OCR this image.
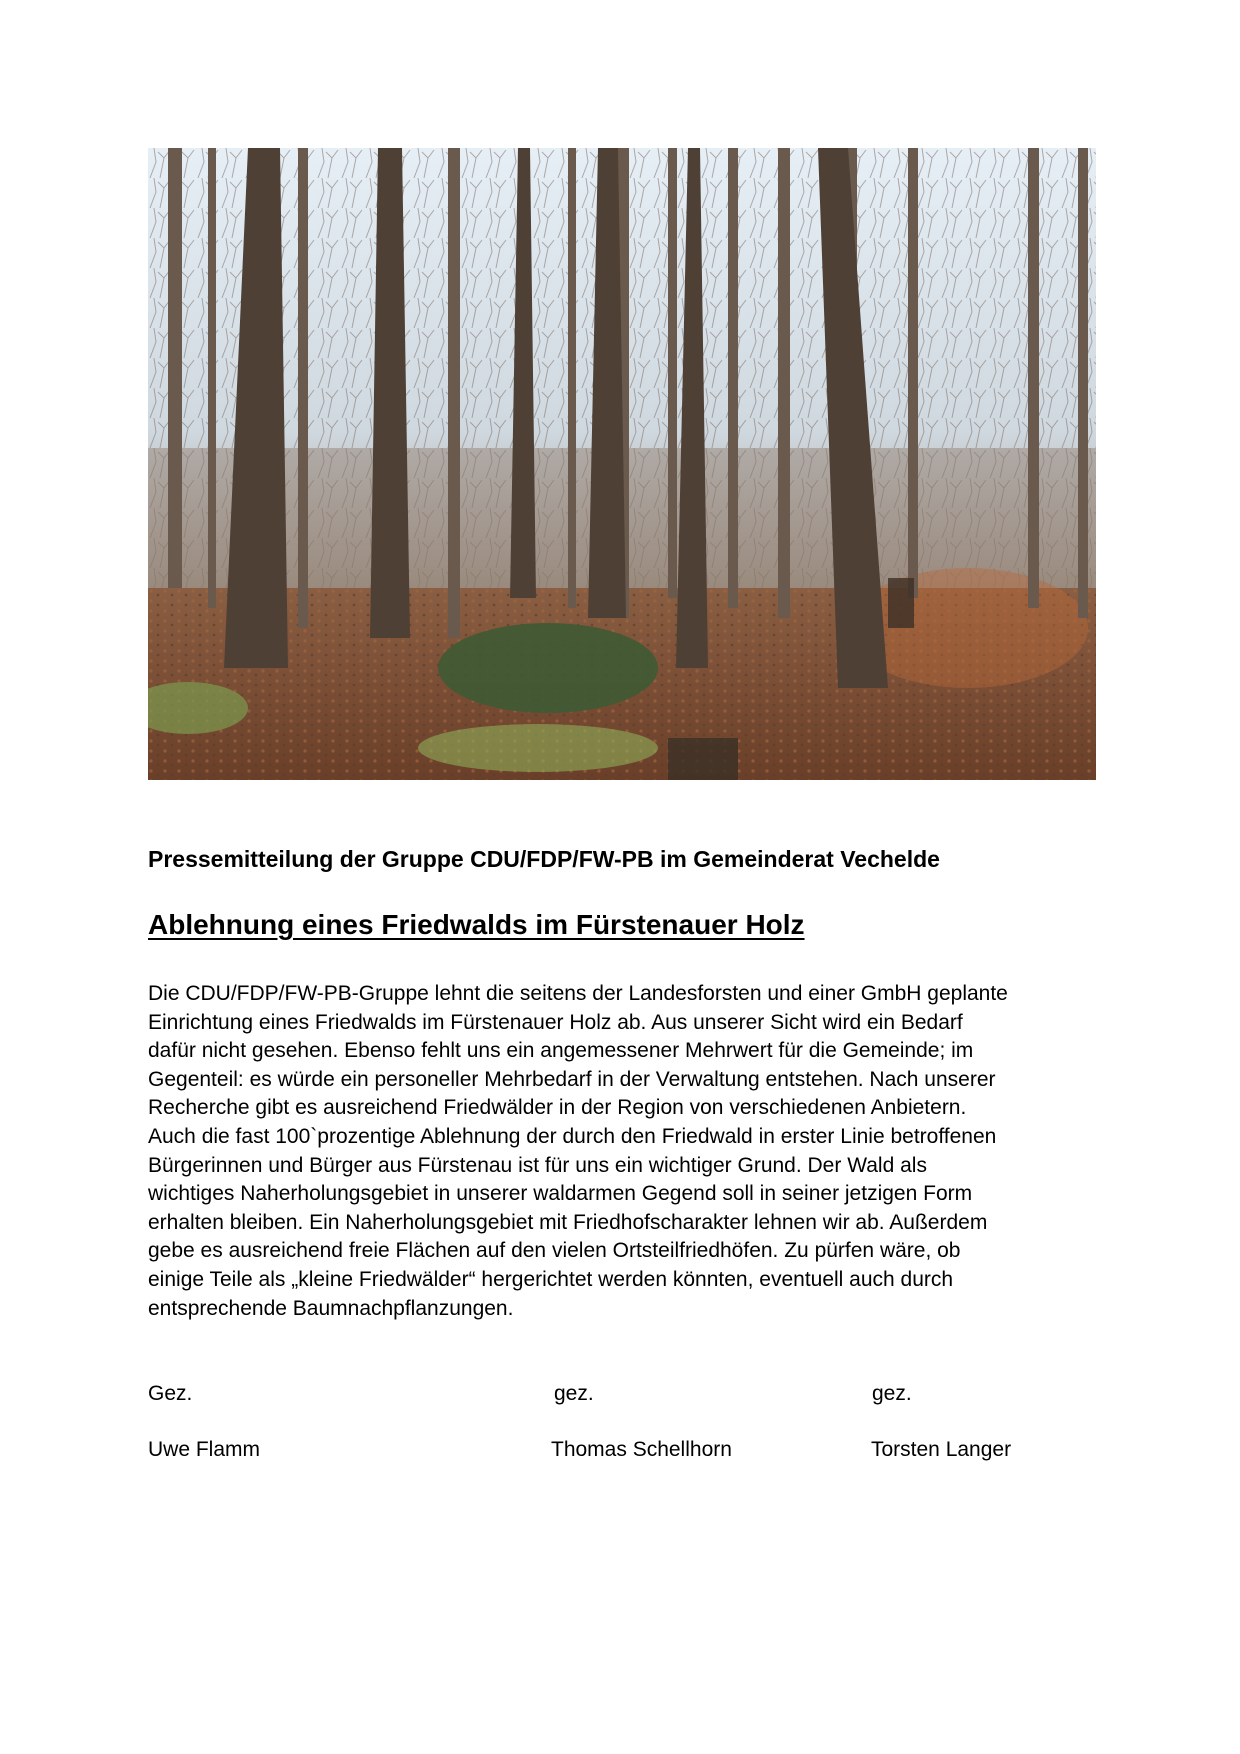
Pressemitteilung der Gruppe CDU/FDP/FW-PB im Gemeinderat Vechelde
Ablehnung eines Friedwalds im Fürstenauer Holz

Die CDU/FDP/FW-PB-Gruppe lehnt die seitens der Landesforsten und einer GmbH geplante
Einrichtung eines Friedwalds im Fürstenauer Holz ab. Aus unserer Sicht wird ein Bedarf
dafür nicht gesehen. Ebenso fehlt uns ein angemessener Mehrwert für die Gemeinde; im
Gegenteil: es würde ein personeller Mehrbedarf in der Verwaltung entstehen. Nach unserer
Recherche gibt es ausreichend Friedwälder in der Region von verschiedenen Anbietern.
Auch die fast 100`prozentige Ablehnung der durch den Friedwald in erster Linie betroffenen
Bürgerinnen und Bürger aus Fürstenau ist für uns ein wichtiger Grund. Der Wald als
wichtiges Naherholungsgebiet in unserer waldarmen Gegend soll in seiner jetzigen Form
erhalten bleiben. Ein Naherholungsgebiet mit Friedhofscharakter lehnen wir ab. Außerdem
gebe es ausreichend freie Flächen auf den vielen Ortsteilfriedhöfen. Zu pürfen wäre, ob
einige Teile als „kleine Friedwälder“ hergerichtet werden könnten, eventuell auch durch
entsprechende Baumnachpflanzungen.

Gez.	gez.	gez.
Uwe Flamm	Thomas Schellhorn	Torsten Langer
